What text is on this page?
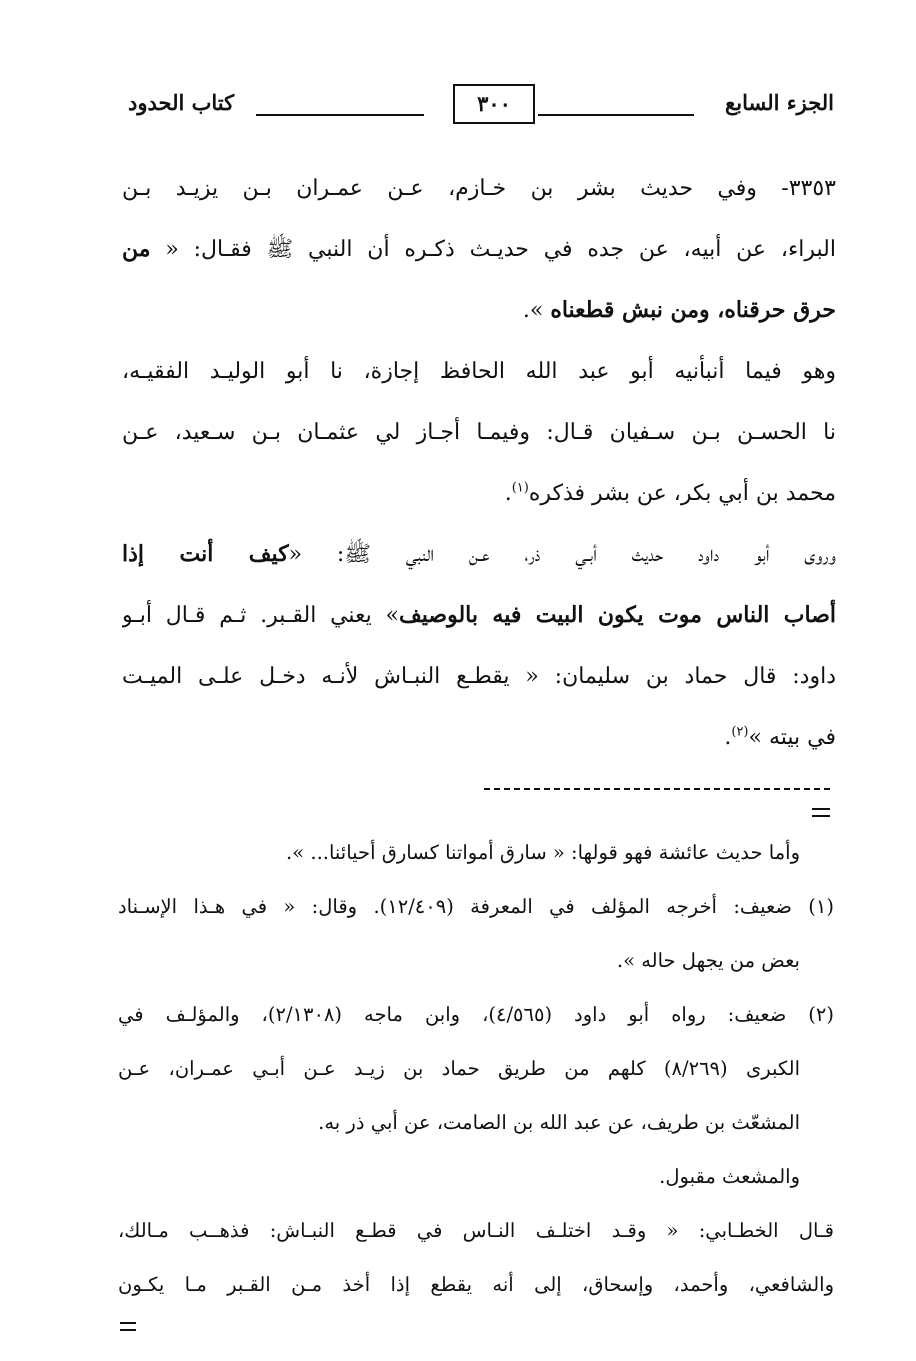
الجزء السابع
٣٠٠
كتاب الحدود
٣٣٥٣- وفي حديث بشر بن خـازم، عـن عمـران بـن يزيـد بـن
البراء، عن أبيه، عن جده في حديـث ذكـره أن النبي ﷺ فقـال: « من
حرق حرقناه، ومن نبش قطعناه ».
وهو فيما أنبأنيه أبو عبد الله الحافظ إجازة، نا أبو الوليـد الفقيـه،
نا الحسـن بـن سـفيان قـال: وفيمـا أجـاز لي عثمـان بـن سـعيد، عـن
محمد بن أبي بكر، عن بشر فذكره$^{(١)}$.
وروى أبو داود حديث أبـي ذر، عـن النبي ﷺ: «كيف أنت إذا
أصاب الناس موت يكون البيت فيه بالوصيف» يعني القـبر. ثـم قـال أبـو
داود: قال حماد بن سليمان: « يقطـع النبـاش لأنـه دخـل علـى الميـت
في بيته »$^{(٢)}$.
وأما حديث عائشة فهو قولها: « سارق أمواتنا كسارق أحيائنا... ».
(١) ضعيف: أخرجه المؤلف في المعرفة (١٢/٤٠٩). وقال: « في هـذا الإسـناد
بعض من يجهل حاله ».
(٢) ضعيف: رواه أبو داود (٤/٥٦٥)، وابن ماجه (٢/١٣٠٨)، والمؤلـف في
الكبرى (٨/٢٦٩) كلهم من طريق حماد بن زيـد عـن أبـي عمـران، عـن
المشعّث بن طريف، عن عبد الله بن الصامت، عن أبي ذر به.
والمشعث مقبول.
قـال الخطـابي: « وقـد اختلـف النـاس في قطـع النبـاش: فذهــب مـالك،
والشافعي، وأحمد، وإسحاق، إلى أنه يقطع إذا أخذ مـن القـبر مـا يكـون
